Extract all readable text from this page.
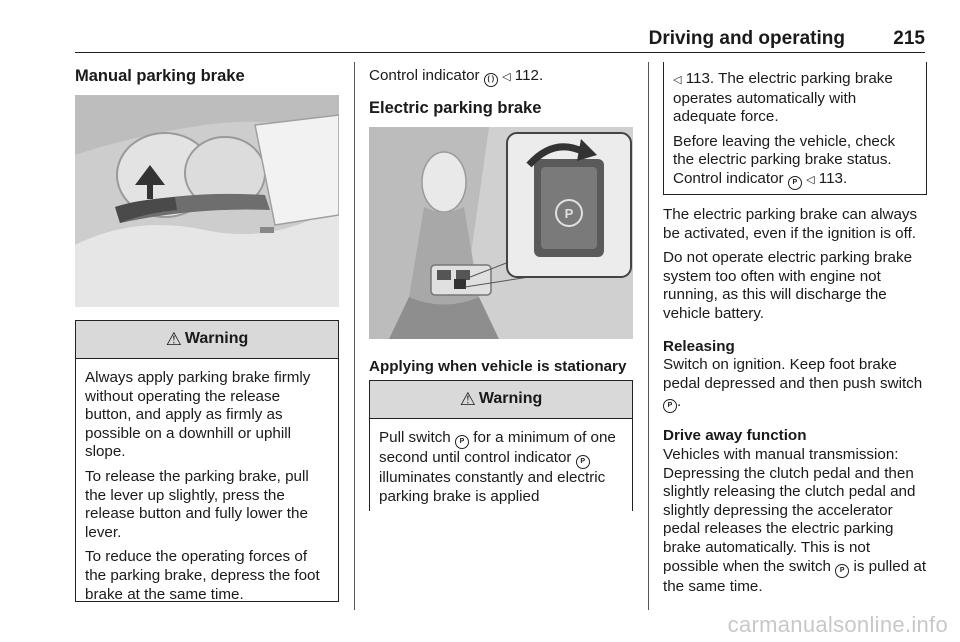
Driving and operating	215
Manual parking brake
⚠ Warning

Always apply parking brake firmly without operating the release button, and apply as firmly as possible on a downhill or uphill slope.

To release the parking brake, pull the lever up slightly, press the release button and fully lower the lever.

To reduce the operating forces of the parking brake, depress the foot brake at the same time.

Control indicator ( ) ◁ 112.

Electric parking brake
P

Applying when vehicle is stationary

⚠ Warning

Pull switch P for a minimum of one second until control indicator P illuminates constantly and electric parking brake is applied

◁ 113. The electric parking brake operates automatically with adequate force.

Before leaving the vehicle, check the electric parking brake status. Control indicator P ◁ 113.

The electric parking brake can always be activated, even if the ignition is off.

Do not operate electric parking brake system too often with engine not running, as this will discharge the vehicle battery.

Releasing

Switch on ignition. Keep foot brake pedal depressed and then push switch P .

Drive away function

Vehicles with manual transmission: Depressing the clutch pedal and then slightly releasing the clutch pedal and slightly depressing the accelerator pedal releases the electric parking brake automatically. This is not possible when the switch P is pulled at the same time.

carmanualsonline.info
